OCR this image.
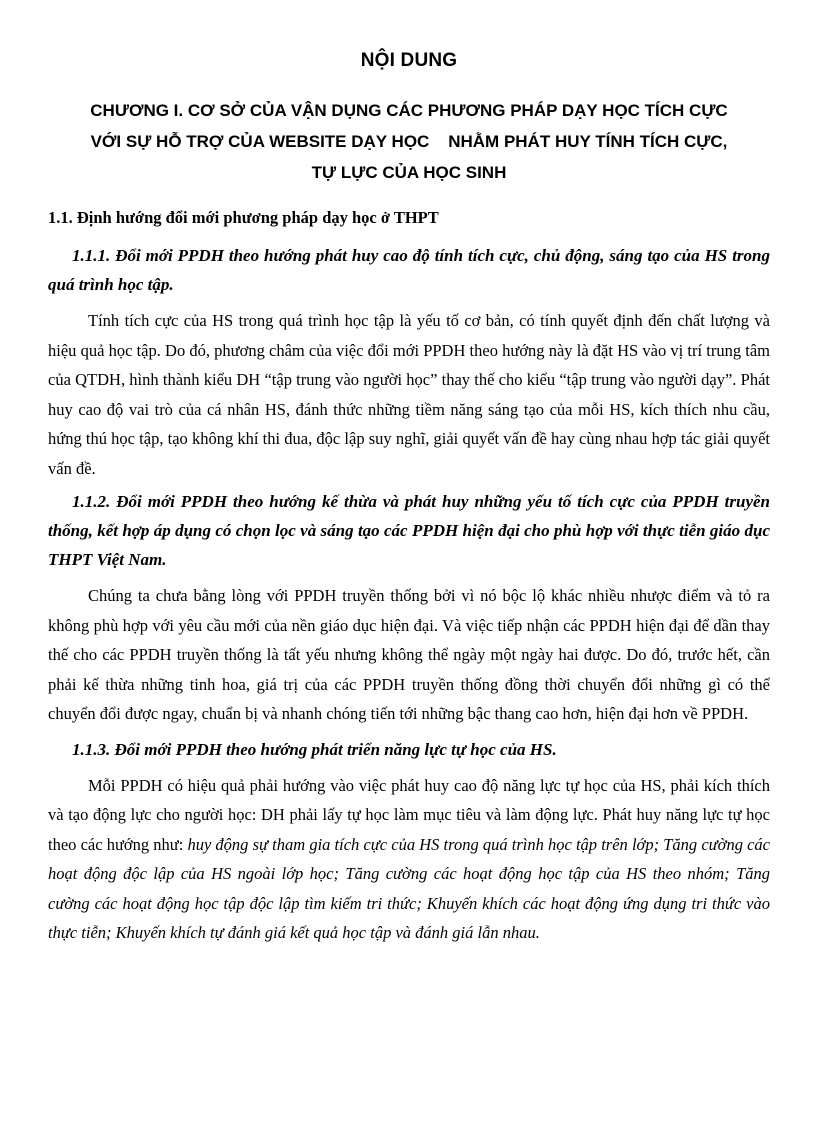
NỘI DUNG
CHƯƠNG I. CƠ SỞ CỦA VẬN DỤNG CÁC PHƯƠNG PHÁP DẠY HỌC TÍCH CỰC
VỚI SỰ HỖ TRỢ CỦA WEBSITE DẠY HỌC    NHẰM PHÁT HUY TÍNH TÍCH CỰC,
TỰ LỰC CỦA HỌC SINH
1.1. Định hướng đổi mới phương pháp dạy học ở THPT
1.1.1. Đổi mới PPDH theo hướng phát huy cao độ tính tích cực, chủ động, sáng tạo của HS trong quá trình học tập.
Tính tích cực của HS trong quá trình học tập là yếu tố cơ bản, có tính quyết định đến chất lượng và hiệu quả học tập. Do đó, phương châm của việc đổi mới PPDH theo hướng này là đặt HS vào vị trí trung tâm của QTDH, hình thành kiểu DH “tập trung vào người học” thay thế cho kiểu “tập trung vào người dạy”. Phát huy cao độ vai trò của cá nhân HS, đánh thức những tiềm năng sáng tạo của mỗi HS, kích thích nhu cầu, hứng thú học tập, tạo không khí thi đua, độc lập suy nghĩ, giải quyết vấn đề hay cùng nhau hợp tác giải quyết vấn đề.
1.1.2. Đổi mới PPDH theo hướng kế thừa và phát huy những yếu tố tích cực của PPDH truyền thống, kết hợp áp dụng có chọn lọc và sáng tạo các PPDH hiện đại cho phù hợp với thực tiễn giáo dục THPT Việt Nam.
Chúng ta chưa bằng lòng với PPDH truyền thống bởi vì nó bộc lộ khác nhiều nhược điểm và tỏ ra không phù hợp với yêu cầu mới của nền giáo dục hiện đại. Và việc tiếp nhận các PPDH hiện đại để dần thay thế cho các PPDH truyền thống là tất yếu nhưng không thể ngày một ngày hai được. Do đó, trước hết, cần phải kế thừa những tinh hoa, giá trị của các PPDH truyền thống đồng thời chuyển đổi những gì có thể chuyển đổi được ngay, chuẩn bị và nhanh chóng tiến tới những bậc thang cao hơn, hiện đại hơn về PPDH.
1.1.3. Đổi mới PPDH theo hướng phát triển năng lực tự học của HS.
Mỗi PPDH có hiệu quả phải hướng vào việc phát huy cao độ năng lực tự học của HS, phải kích thích và tạo động lực cho người học: DH phải lấy tự học làm mục tiêu và làm động lực. Phát huy năng lực tự học theo các hướng như: huy động sự tham gia tích cực của HS trong quá trình học tập trên lớp; Tăng cường các hoạt động độc lập của HS ngoài lớp học; Tăng cường các hoạt động học tập của HS theo nhóm; Tăng cường các hoạt động học tập độc lập tìm kiếm tri thức; Khuyến khích các hoạt động ứng dụng tri thức vào thực tiễn; Khuyến khích tự đánh giá kết quả học tập và đánh giá lẫn nhau.
